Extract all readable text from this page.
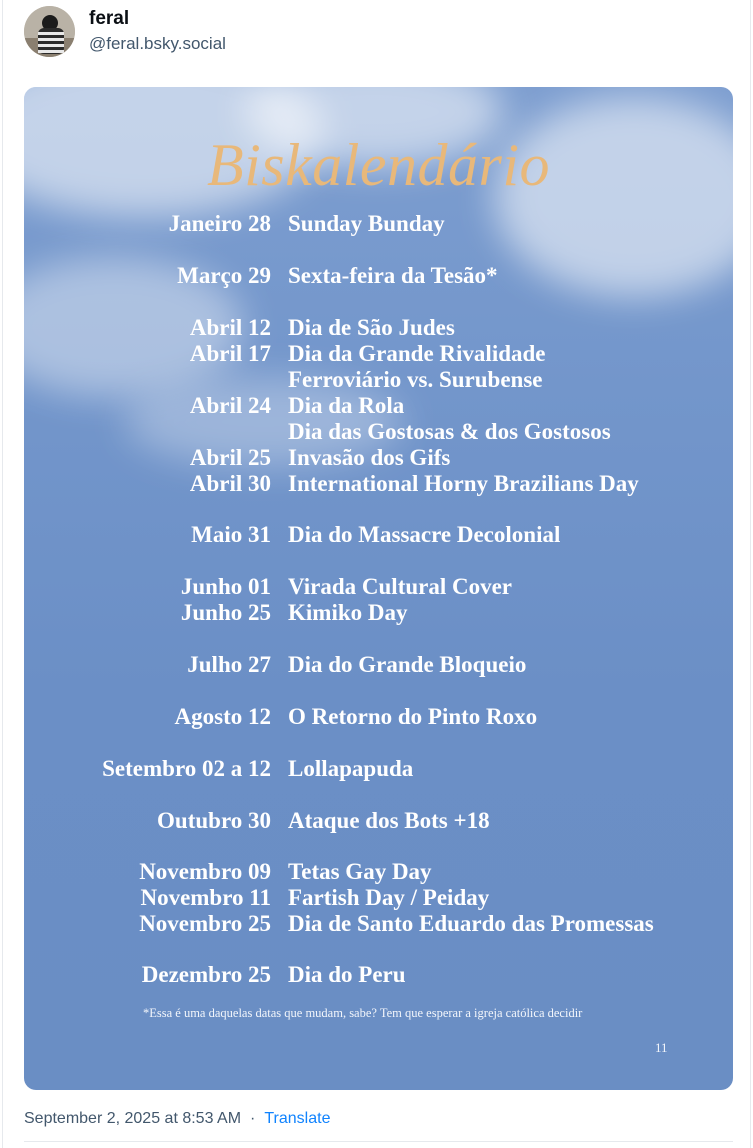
feral
@feral.bsky.social
Biskalendário
Janeiro 28 Sunday Bunday
Março 29 Sexta-feira da Tesão*
Abril 12 Dia de São Judes
Abril 17 Dia da Grande Rivalidade
Ferroviário vs. Surubense
Abril 24 Dia da Rola
Dia das Gostosas & dos Gostosos
Abril 25 Invasão dos Gifs
Abril 30 International Horny Brazilians Day
Maio 31 Dia do Massacre Decolonial
Junho 01 Virada Cultural Cover
Junho 25 Kimiko Day
Julho 27 Dia do Grande Bloqueio
Agosto 12 O Retorno do Pinto Roxo
Setembro 02 a 12 Lollapapuda
Outubro 30 Ataque dos Bots +18
Novembro 09 Tetas Gay Day
Novembro 11 Fartish Day / Peiday
Novembro 25 Dia de Santo Eduardo das Promessas
Dezembro 25 Dia do Peru
*Essa é uma daquelas datas que mudam, sabe? Tem que esperar a igreja católica decidir
11
September 2, 2025 at 8:53 AM · Translate
